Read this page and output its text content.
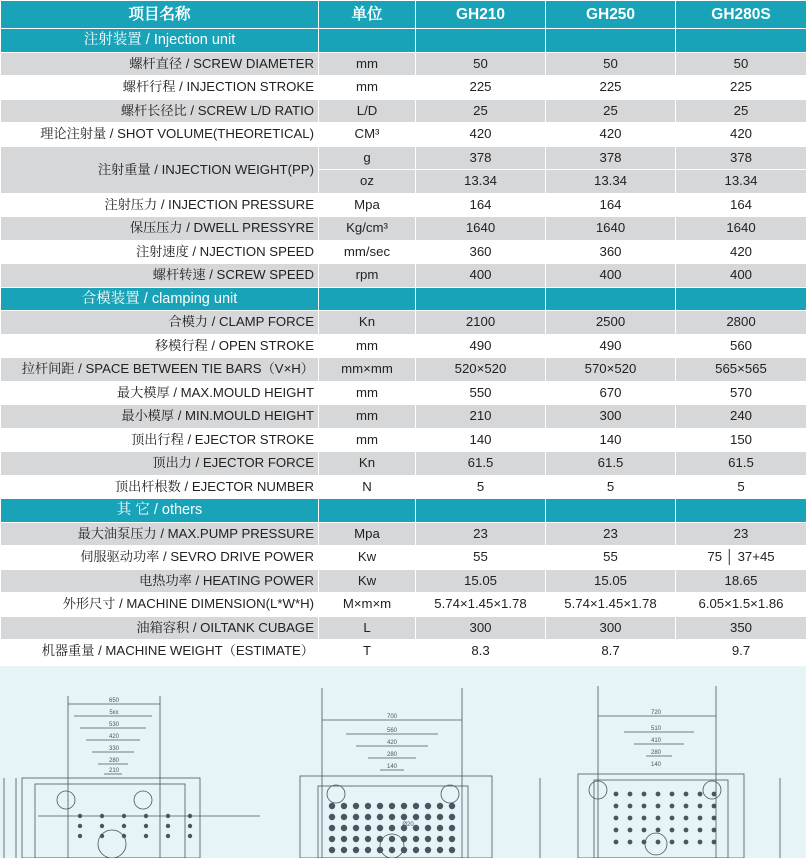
项目名称	单位	GH210	GH250	GH280S
注射装置 / Injection unit				
螺杆直径 / SCREW DIAMETER	mm	50	50	50
螺杆行程 / INJECTION STROKE	mm	225	225	225
螺杆长径比 / SCREW L/D RATIO	L/D	25	25	25
理论注射量 / SHOT VOLUME(THEORETICAL)	CM³	420	420	420
注射重量 / INJECTION WEIGHT(PP)	g	378	378	378
	oz	13.34	13.34	13.34
注射压力 / INJECTION PRESSURE	Mpa	164	164	164
保压压力 / DWELL PRESSYRE	Kg/cm³	1640	1640	1640
注射速度 / NJECTION SPEED	mm/sec	360	360	420
螺杆转速 / SCREW SPEED	rpm	400	400	400
合模装置 / clamping unit				
合模力 / CLAMP FORCE	Kn	2100	2500	2800
移模行程 / OPEN STROKE	mm	490	490	560
拉杆间距 / SPACE BETWEEN TIE BARS（V×H）	mm×mm	520×520	570×520	565×565
最大模厚 / MAX.MOULD HEIGHT	mm	550	670	570
最小模厚 / MIN.MOULD HEIGHT	mm	210	300	240
顶出行程 / EJECTOR STROKE	mm	140	140	150
顶出力 / EJECTOR FORCE	Kn	61.5	61.5	61.5
顶出杆根数 / EJECTOR NUMBER	N	5	5	5
其 它 / others				
最大油泵压力 / MAX.PUMP PRESSURE	Mpa	23	23	23
伺服驱动功率 / SEVRO DRIVE POWER	Kw	55	55	75 │ 37+45
电热功率 / HEATING POWER	Kw	15.05	15.05	18.65
外形尺寸 / MACHINE DIMENSION(L*W*H)	M×m×m	5.74×1.45×1.78	5.74×1.45×1.78	6.05×1.5×1.86
油箱容积 / OILTANK CUBAGE	L	300	300	350
机器重量 / MACHINE WEIGHT（ESTIMATE）	T	8.3	8.7	9.7
650
5xx
530
420
330
280
210
700
560
420
280
140
Ø20
720
510
410
280
140
